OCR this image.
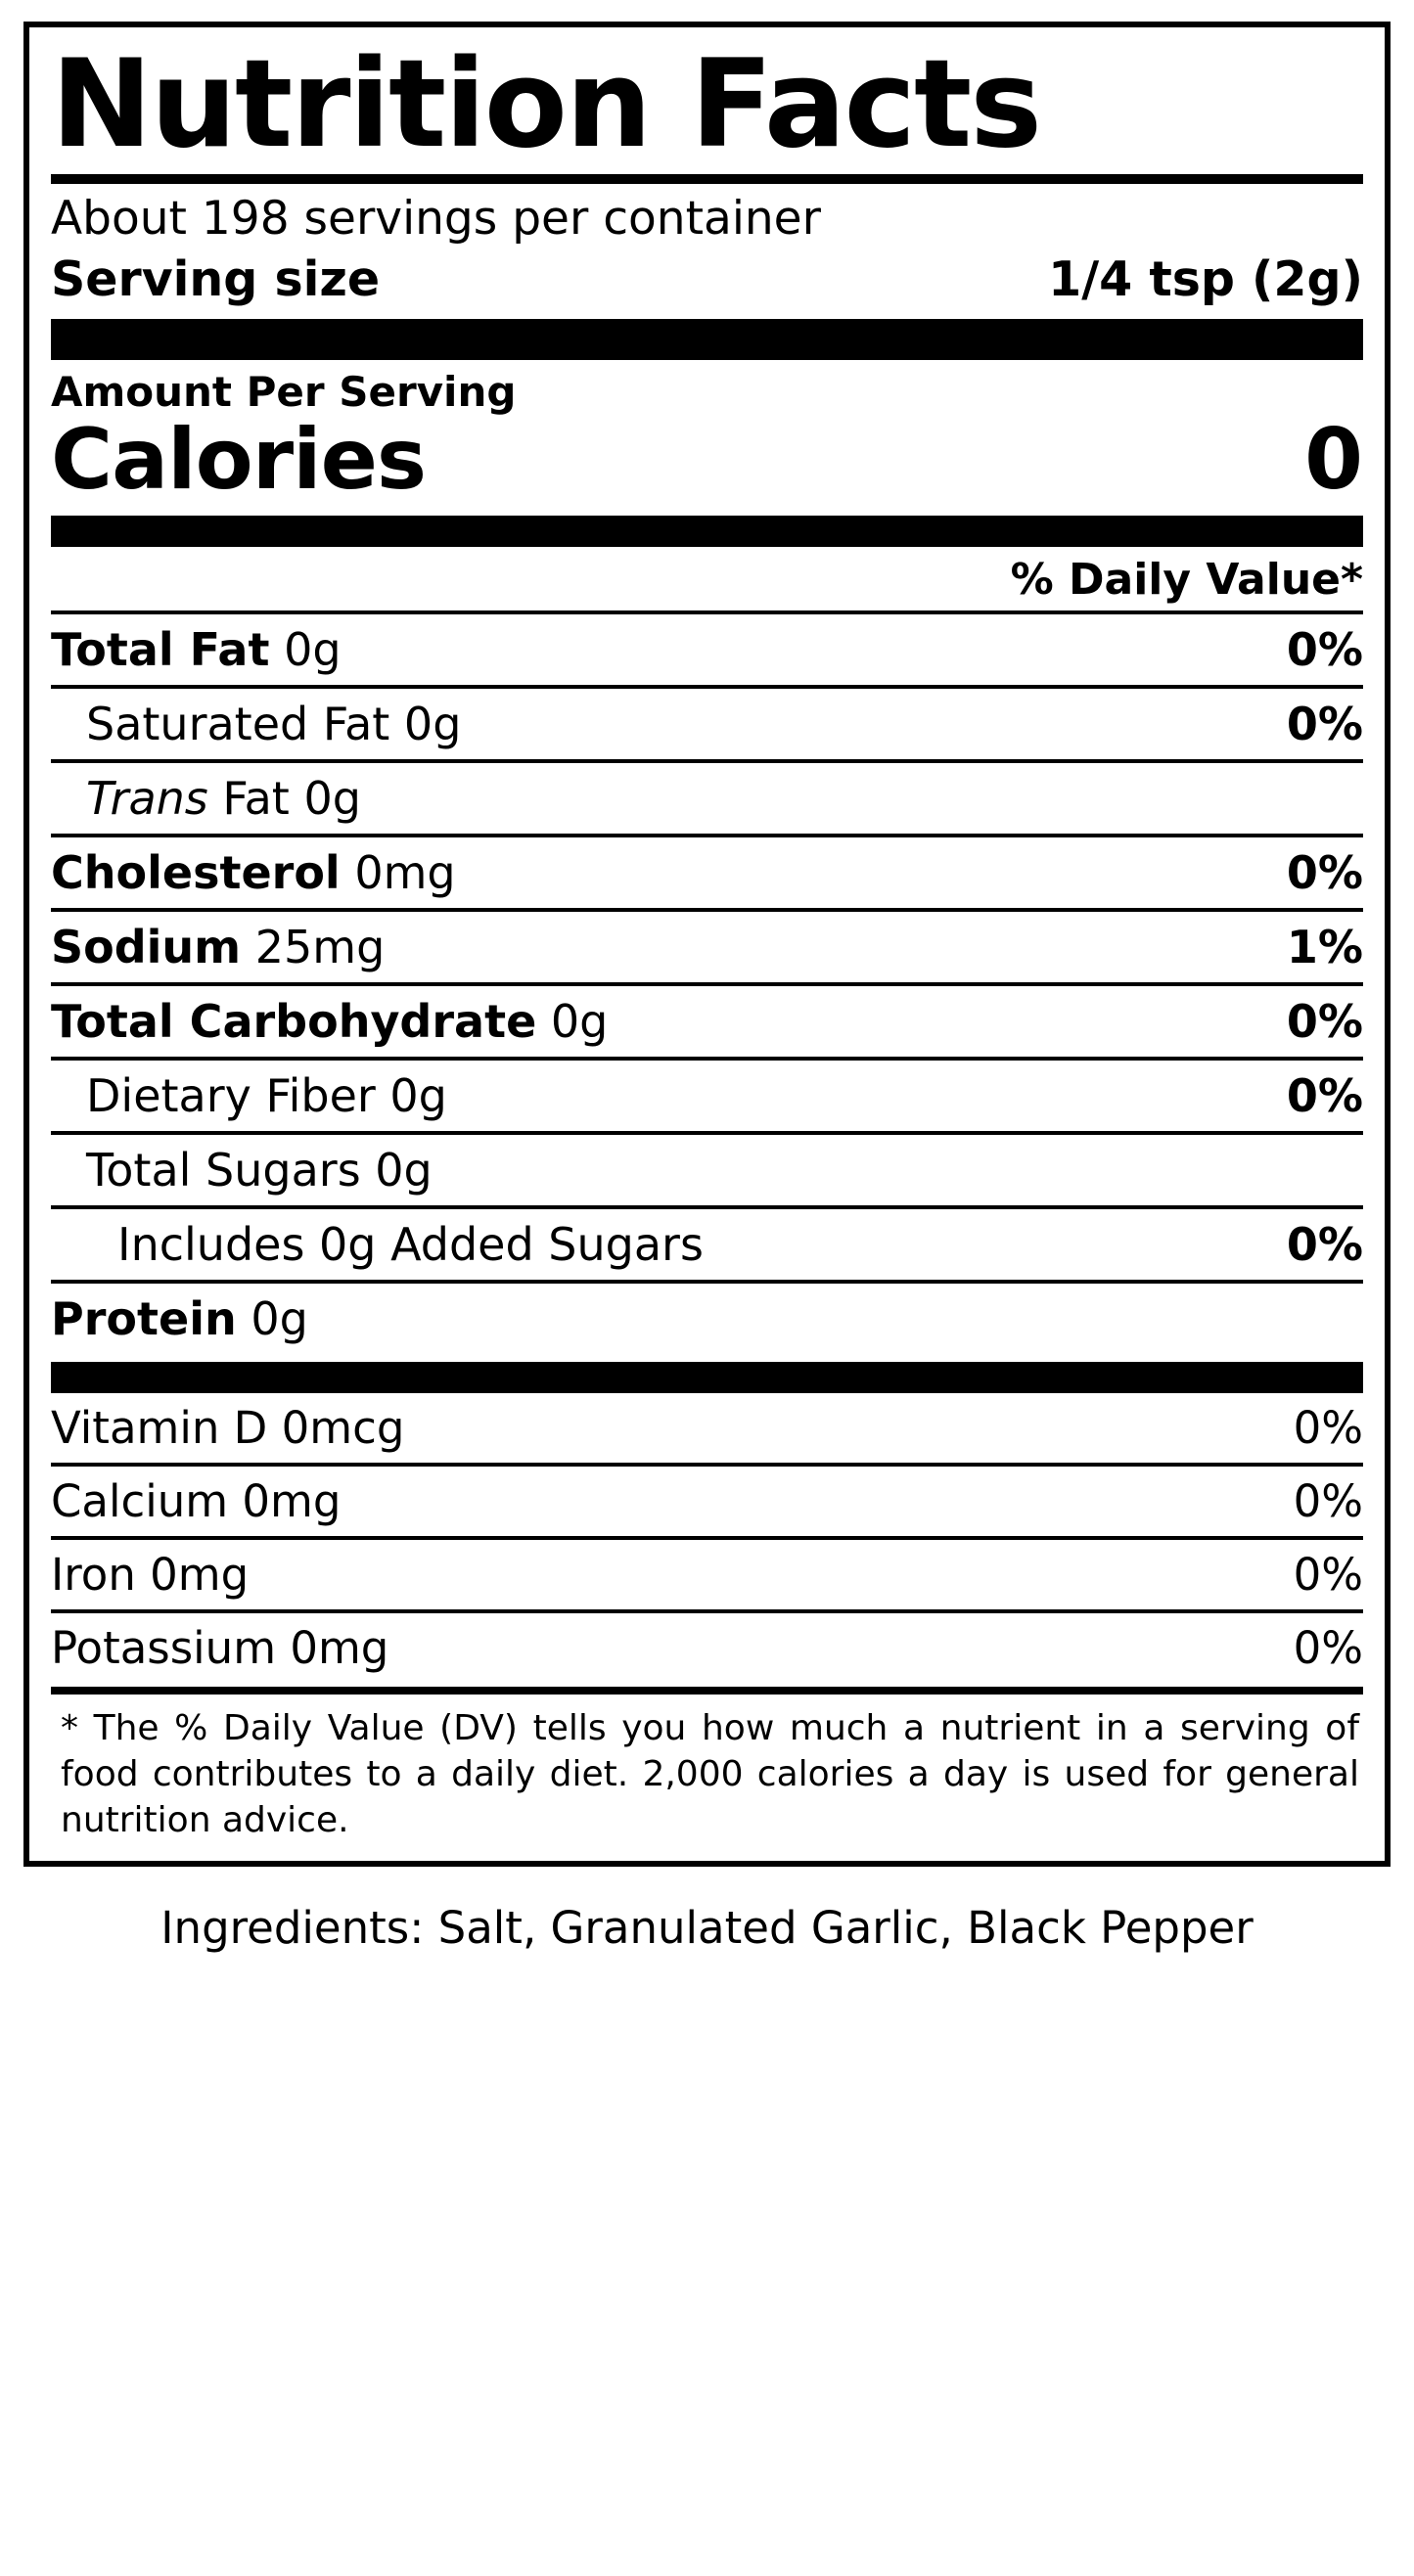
Nutrition Facts
About 198 servings per container
Serving size	1/4 tsp (2g)
Amount Per Serving
Calories	0
% Daily Value*
Total Fat 0g	0%
Saturated Fat 0g	0%
Trans Fat 0g
Cholesterol 0mg	0%
Sodium 25mg	1%
Total Carbohydrate 0g	0%
Dietary Fiber 0g	0%
Total Sugars 0g
Includes 0g Added Sugars	0%
Protein 0g
Vitamin D 0mcg	0%
Calcium 0mg	0%
Iron 0mg	0%
Potassium 0mg	0%
* The % Daily Value (DV) tells you how much a nutrient in a serving of food contributes to a daily diet. 2,000 calories a day is used for general nutrition advice.
Ingredients: Salt, Granulated Garlic, Black Pepper
